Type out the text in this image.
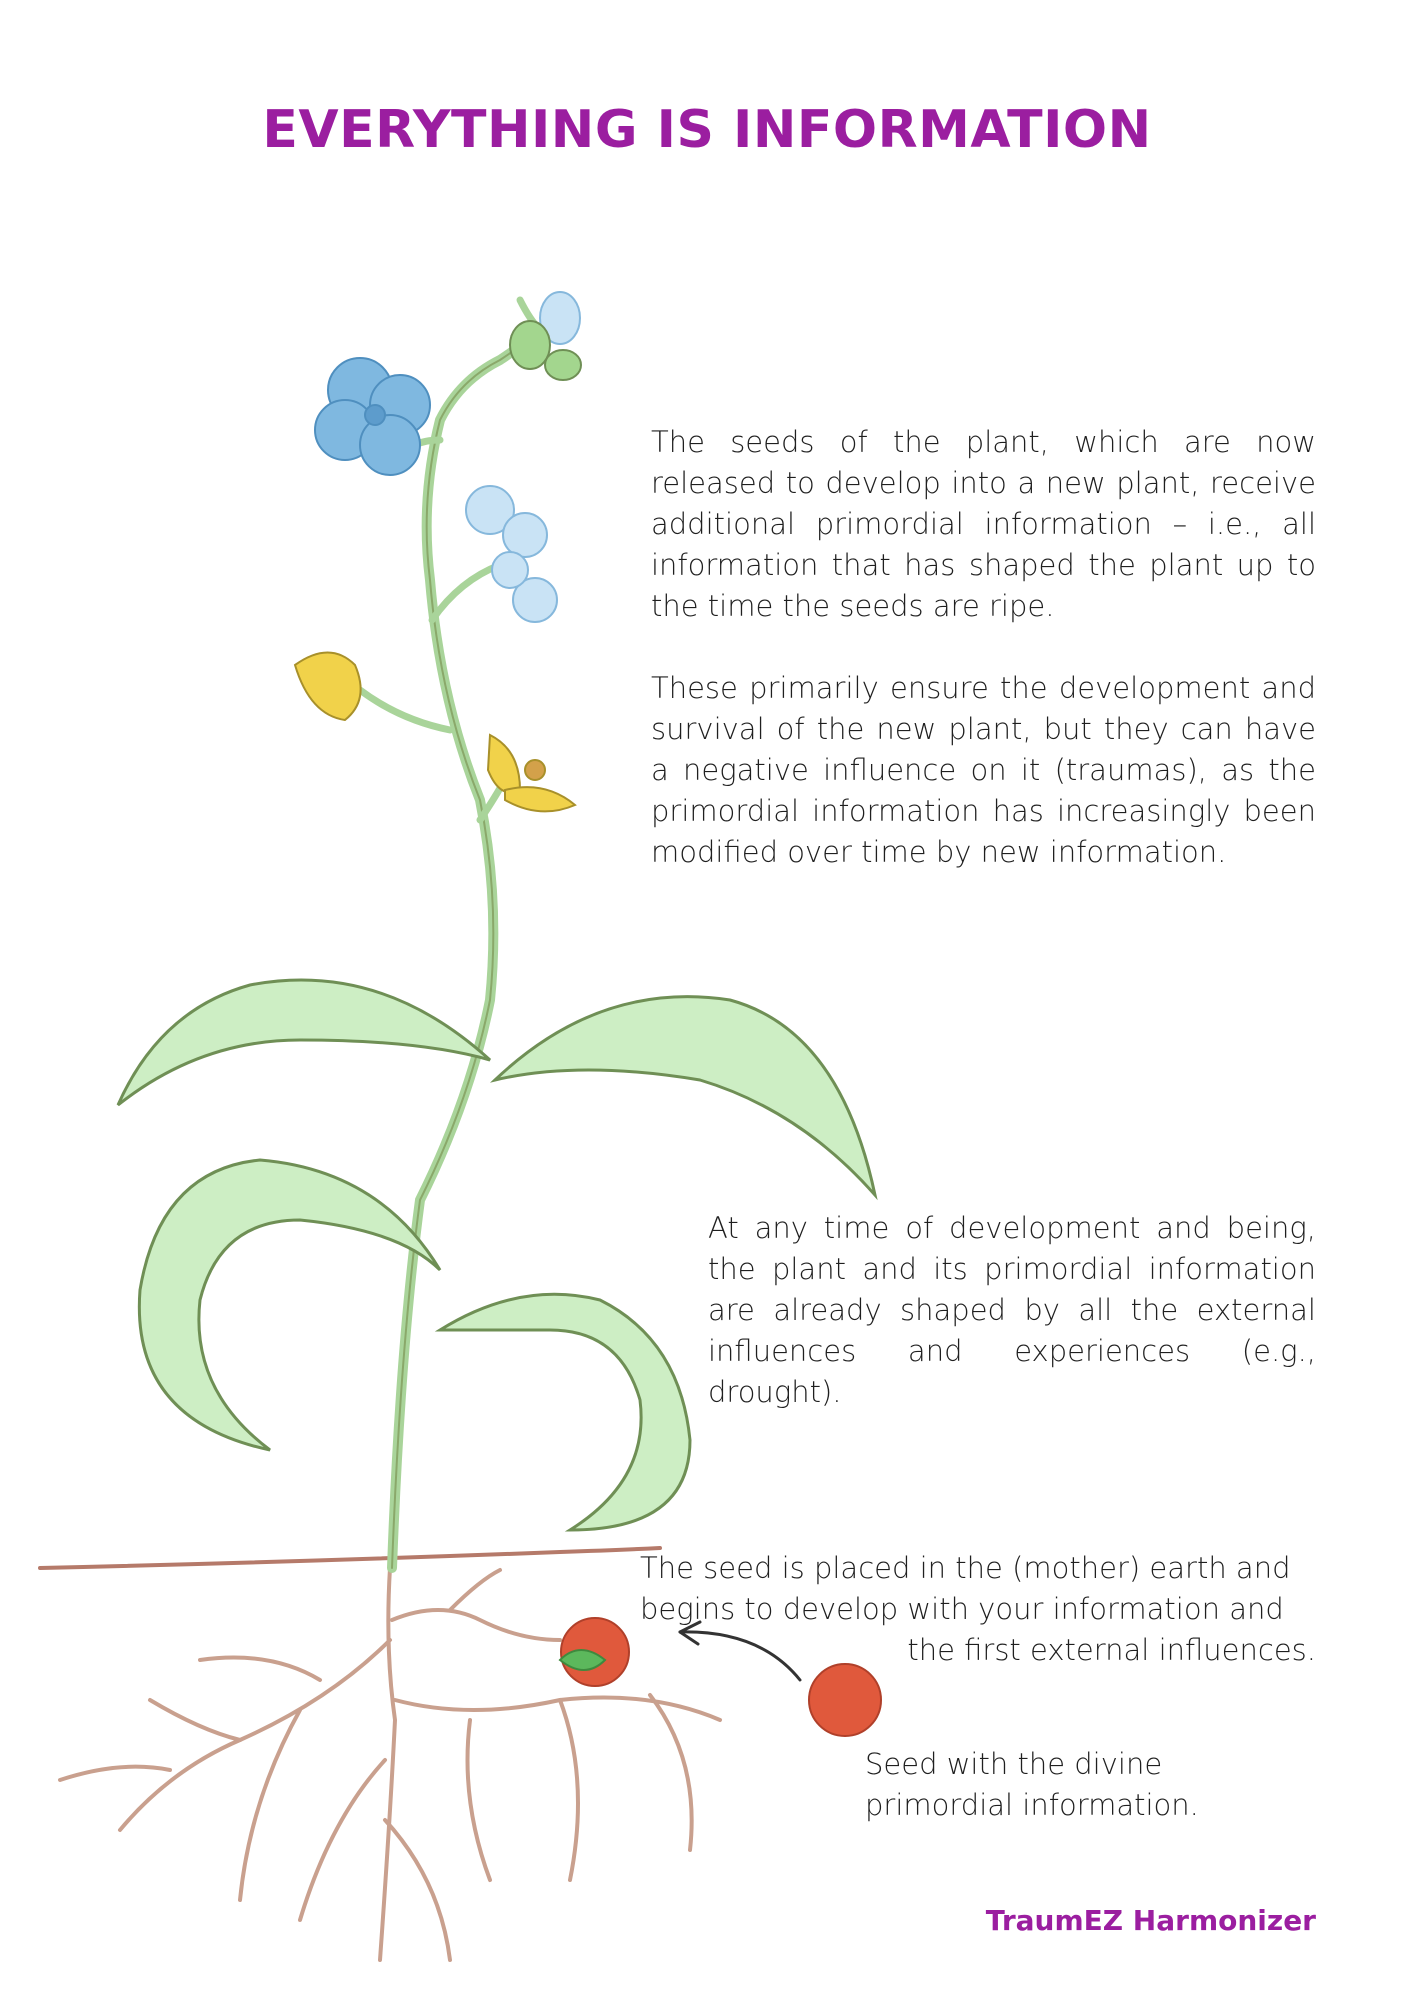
EVERYTHING IS INFORMATION

The seeds of the plant, which are now released to develop into a new plant, receive additional primordial information – i.e., all information that has shaped the plant up to the time the seeds are ripe.

These primarily ensure the development and survival of the new plant, but they can have a negative influence on it (traumas), as the primordial information has increasingly been modified over time by new information.

At any time of development and being, the plant and its primordial information are already shaped by all the external influences and experiences (e.g., drought).

The seed is placed in the (mother) earth and
begins to develop with your information and
the first external influences.

Seed with the divine primordial information.

TraumEZ Harmonizer
